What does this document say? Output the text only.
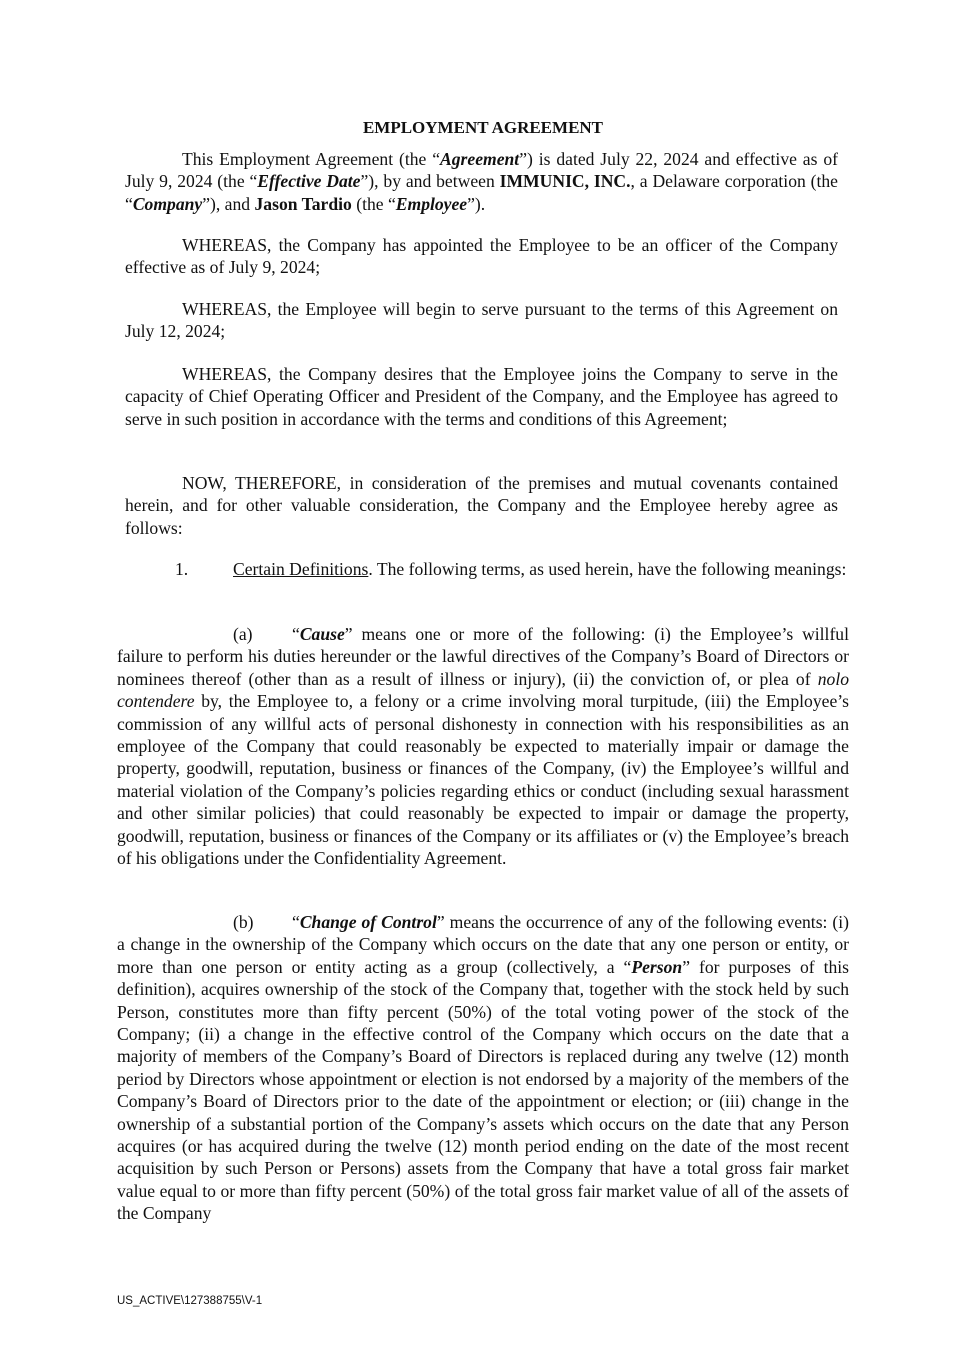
EMPLOYMENT AGREEMENT

This Employment Agreement (the “Agreement”) is dated July 22, 2024 and effective as of July 9, 2024 (the “Effective Date”), by and between IMMUNIC, INC., a Delaware corporation (the “Company”), and Jason Tardio (the “Employee”).

WHEREAS, the Company has appointed the Employee to be an officer of the Company effective as of July 9, 2024;

WHEREAS, the Employee will begin to serve pursuant to the terms of this Agreement on July 12, 2024;

WHEREAS, the Company desires that the Employee joins the Company to serve in the capacity of Chief Operating Officer and President of the Company, and the Employee has agreed to serve in such position in accordance with the terms and conditions of this Agreement;

NOW, THEREFORE, in consideration of the premises and mutual covenants contained herein, and for other valuable consideration, the Company and the Employee hereby agree as follows:

1.	Certain Definitions. The following terms, as used herein, have the following meanings:

(a) “Cause” means one or more of the following: (i) the Employee’s willful failure to perform his duties hereunder or the lawful directives of the Company’s Board of Directors or nominees thereof (other than as a result of illness or injury), (ii) the conviction of, or plea of nolo contendere by, the Employee to, a felony or a crime involving moral turpitude, (iii) the Employee’s commission of any willful acts of personal dishonesty in connection with his responsibilities as an employee of the Company that could reasonably be expected to materially impair or damage the property, goodwill, reputation, business or finances of the Company, (iv) the Employee’s willful and material violation of the Company’s policies regarding ethics or conduct (including sexual harassment and other similar policies) that could reasonably be expected to impair or damage the property, goodwill, reputation, business or finances of the Company or its affiliates or (v) the Employee’s breach of his obligations under the Confidentiality Agreement.

(b) “Change of Control” means the occurrence of any of the following events: (i) a change in the ownership of the Company which occurs on the date that any one person or entity, or more than one person or entity acting as a group (collectively, a “Person” for purposes of this definition), acquires ownership of the stock of the Company that, together with the stock held by such Person, constitutes more than fifty percent (50%) of the total voting power of the stock of the Company; (ii) a change in the effective control of the Company which occurs on the date that a majority of members of the Company’s Board of Directors is replaced during any twelve (12) month period by Directors whose appointment or election is not endorsed by a majority of the members of the Company’s Board of Directors prior to the date of the appointment or election; or (iii) change in the ownership of a substantial portion of the Company’s assets which occurs on the date that any Person acquires (or has acquired during the twelve (12) month period ending on the date of the most recent acquisition by such Person or Persons) assets from the Company that have a total gross fair market value equal to or more than fifty percent (50%) of the total gross fair market value of all of the assets of the Company

US_ACTIVE\127388755\V-1
